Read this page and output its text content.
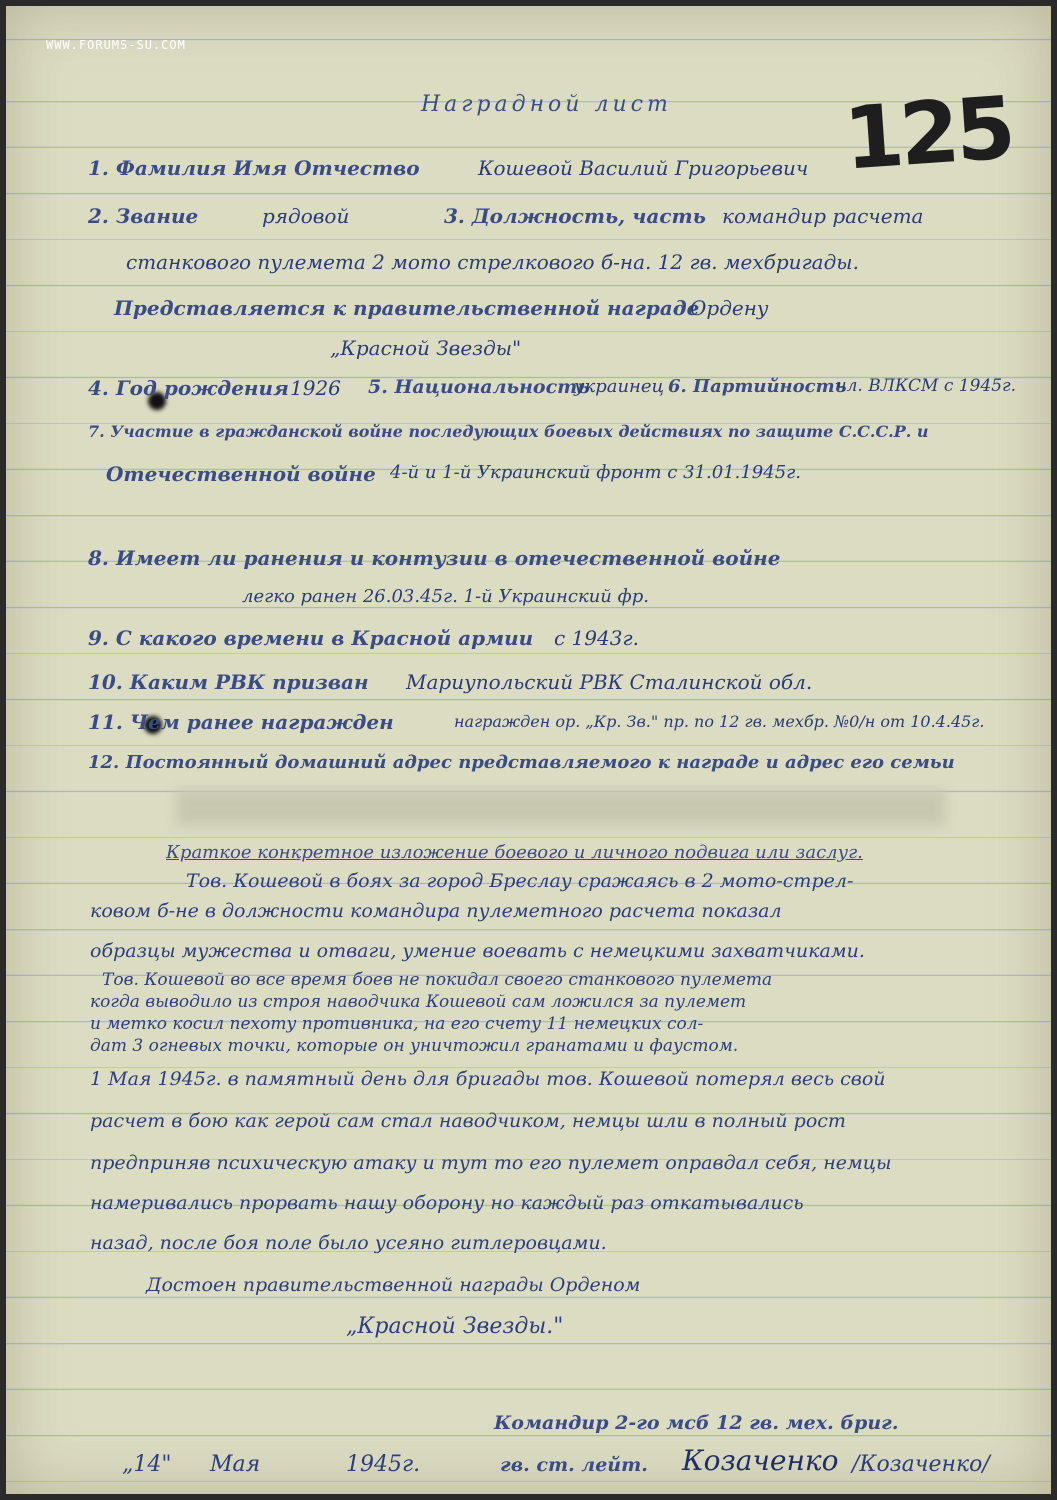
WWW.FORUMS-SU.COM
125
Наградной лист
1. Фамилия Имя Отчество	Кошевой Василий Григорьевич
2. Звание	рядовой	3. Должность, часть командир расчета
станкового пулемета 2 мото стрелкового б-на. 12 гв. мехбригады.
Представляется к правительственной награде
Ордену
„Красной Звезды"
4. Год рождения 1926 5. Национальность
украинец 6. Партийность
чл. ВЛКСМ с 1945г.
7. Участие в гражданской войне последующих боевых действиях по защите С.С.С.Р. и
Отечественной войне 4-й и 1-й Украинский фронт с 31.01.1945г.
8. Имеет ли ранения и контузии в отечественной войне
легко ранен 26.03.45г. 1-й Украинский фр.
9. С какого времени в Красной армии с 1943г.
10. Каким РВК призван Мариупольский РВК Сталинской обл.
11. Чем ранее награжден	награжден ор. „Кр. Зв." пр. по 12 гв. мехбр. №0/н от 10.4.45г.
12. Постоянный домашний адрес представляемого к награде и адрес его семьи
Краткое конкретное изложение боевого и личного подвига или заслуг.
Тов. Кошевой в боях за город Бреслау сражаясь в 2 мото-стрел-
ковом б-не в должности командира пулеметного расчета показал
образцы мужества и отваги, умение воевать с немецкими захватчиками.
Тов. Кошевой во все время боев не покидал своего станкового пулемета
когда выводило из строя наводчика Кошевой сам ложился за пулемет
и метко косил пехоту противника, на его счету 11 немецких сол-
дат 3 огневых точки, которые он уничтожил гранатами и фаустом.
1 Мая 1945г. в памятный день для бригады тов. Кошевой потерял весь свой
расчет в бою как герой сам стал наводчиком, немцы шли в полный рост
предприняв психическую атаку и тут то его пулемет оправдал себя, немцы
намеривались прорвать нашу оборону но каждый раз откатывались
назад, после боя поле было усеяно гитлеровцами.
Достоен правительственной награды Орденом
„Красной Звезды."
Командир 2-го мсб 12 гв. мех. бриг.
„14" Мая	1945г.	гв. ст. лейт. Козаченко /Козаченко/
